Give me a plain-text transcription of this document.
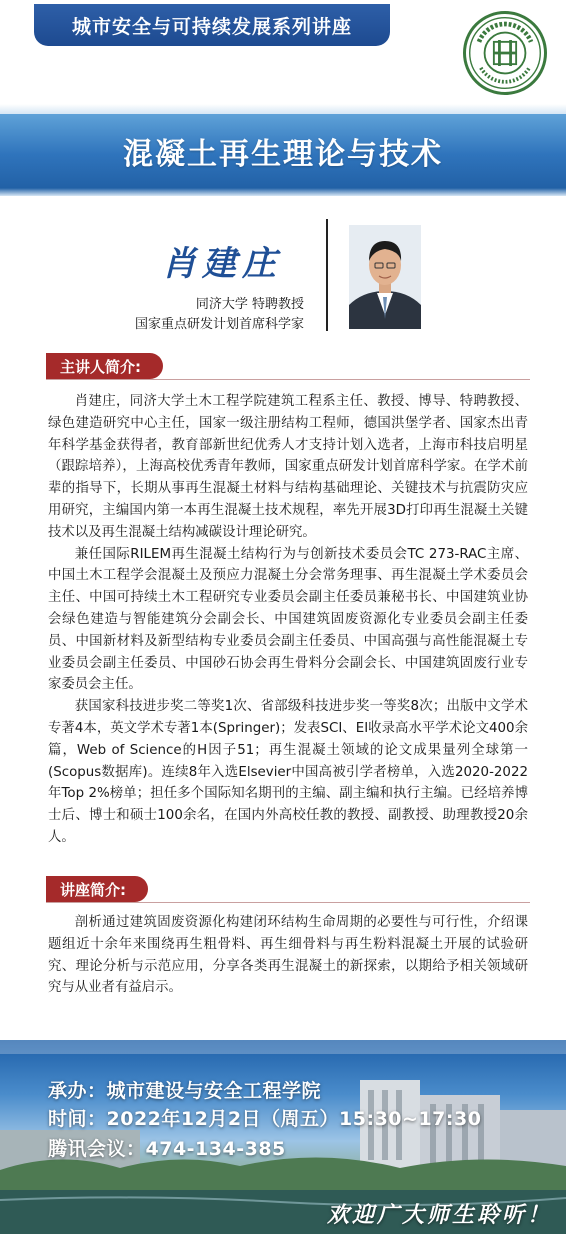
城市安全与可持续发展系列讲座
混凝土再生理论与技术
肖建庄
同济大学 特聘教授
国家重点研发计划首席科学家
主讲人简介:

肖建庄，同济大学土木工程学院建筑工程系主任、教授、博导、特聘教授、绿色建造研究中心主任，国家一级注册结构工程师，德国洪堡学者、国家杰出青年科学基金获得者，教育部新世纪优秀人才支持计划入选者，上海市科技启明星（跟踪培养），上海高校优秀青年教师，国家重点研发计划首席科学家。在学术前辈的指导下，长期从事再生混凝土材料与结构基础理论、关键技术与抗震防灾应用研究，主编国内第一本再生混凝土技术规程，率先开展3D打印再生混凝土关键技术以及再生混凝土结构减碳设计理论研究。

兼任国际RILEM再生混凝土结构行为与创新技术委员会TC 273-RAC主席、中国土木工程学会混凝土及预应力混凝土分会常务理事、再生混凝土学术委员会主任、中国可持续土木工程研究专业委员会副主任委员兼秘书长、中国建筑业协会绿色建造与智能建筑分会副会长、中国建筑固废资源化专业委员会副主任委员、中国新材料及新型结构专业委员会副主任委员、中国高强与高性能混凝土专业委员会副主任委员、中国砂石协会再生骨料分会副会长、中国建筑固废行业专家委员会主任。

获国家科技进步奖二等奖1次、省部级科技进步奖一等奖8次；出版中文学术专著4本，英文学术专著1本(Springer)；发表SCI、EI收录高水平学术论文400余篇，Web of Science的H因子51；再生混凝土领域的论文成果量列全球第一(Scopus数据库)。连续8年入选Elsevier中国高被引学者榜单，入选2020-2022年Top 2%榜单；担任多个国际知名期刊的主编、副主编和执行主编。已经培养博士后、博士和硕士100余名，在国内外高校任教的教授、副教授、助理教授20余人。

讲座简介:

剖析通过建筑固废资源化构建闭环结构生命周期的必要性与可行性，介绍课题组近十余年来围绕再生粗骨料、再生细骨料与再生粉料混凝土开展的试验研究、理论分析与示范应用，分享各类再生混凝土的新探索，以期给予相关领域研究与从业者有益启示。

承办：城市建设与安全工程学院
时间：2022年12月2日（周五）15:30~17:30
腾讯会议：474-134-385
欢迎广大师生聆听！
